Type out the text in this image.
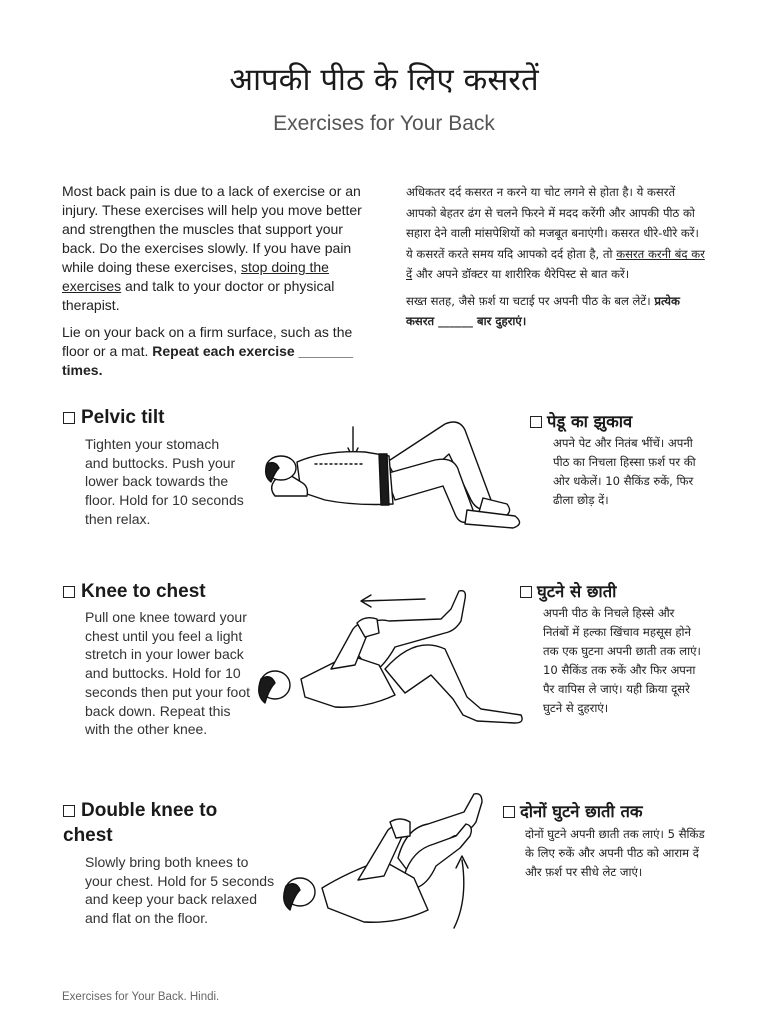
आपकी पीठ के लिए कसरतें
Exercises for Your Back

Most back pain is due to a lack of exercise or an injury. These exercises will help you move better and strengthen the muscles that support your back. Do the exercises slowly. If you have pain while doing these exercises, stop doing the exercises and talk to your doctor or physical therapist.

Lie on your back on a firm surface, such as the floor or a mat. Repeat each exercise _______ times.

अधिकतर दर्द कसरत न करने या चोट लगने से होता है। ये कसरतें आपको बेहतर ढंग से चलने फिरने में मदद करेंगी और आपकी पीठ को सहारा देने वाली मांसपेशियों को मजबूत बनाएंगी। कसरत धीरे-धीरे करें। ये कसरतें करते समय यदि आपको दर्द होता है, तो कसरत करनी बंद कर दें और अपने डॉक्टर या शारीरिक थैरेपिस्ट से बात करें।

सख्त सतह, जैसे फ़र्श या चटाई पर अपनी पीठ के बल लेटें। प्रत्येक कसरत ______ बार दुहराएं।

Pelvic tilt
Tighten your stomach and buttocks. Push your lower back towards the floor. Hold for 10 seconds then relax.
पेडू का झुकाव
अपने पेट और नितंब भींचें। अपनी पीठ का निचला हिस्सा फ़र्श पर की ओर धकेलें। 10 सैकिंड रुकें, फिर ढीला छोड़ दें।
Knee to chest
Pull one knee toward your chest until you feel a light stretch in your lower back and buttocks. Hold for 10 seconds then put your foot back down. Repeat this with the other knee.
घुटने से छाती
अपनी पीठ के निचले हिस्से और नितंबों में हल्का खिंचाव महसूस होने तक एक घुटना अपनी छाती तक लाएं। 10 सैकिंड तक रुकें और फिर अपना पैर वापिस ले जाएं। यही क्रिया दूसरे घुटने से दुहराएं।
Double knee to chest
Slowly bring both knees to your chest. Hold for 5 seconds and keep your back relaxed and flat on the floor.
दोनों घुटने छाती तक
दोनों घुटने अपनी छाती तक लाएं। 5 सैकिंड के लिए रुकें और अपनी पीठ को आराम दें और फ़र्श पर सीधे लेट जाएं।
Exercises for Your Back. Hindi.
